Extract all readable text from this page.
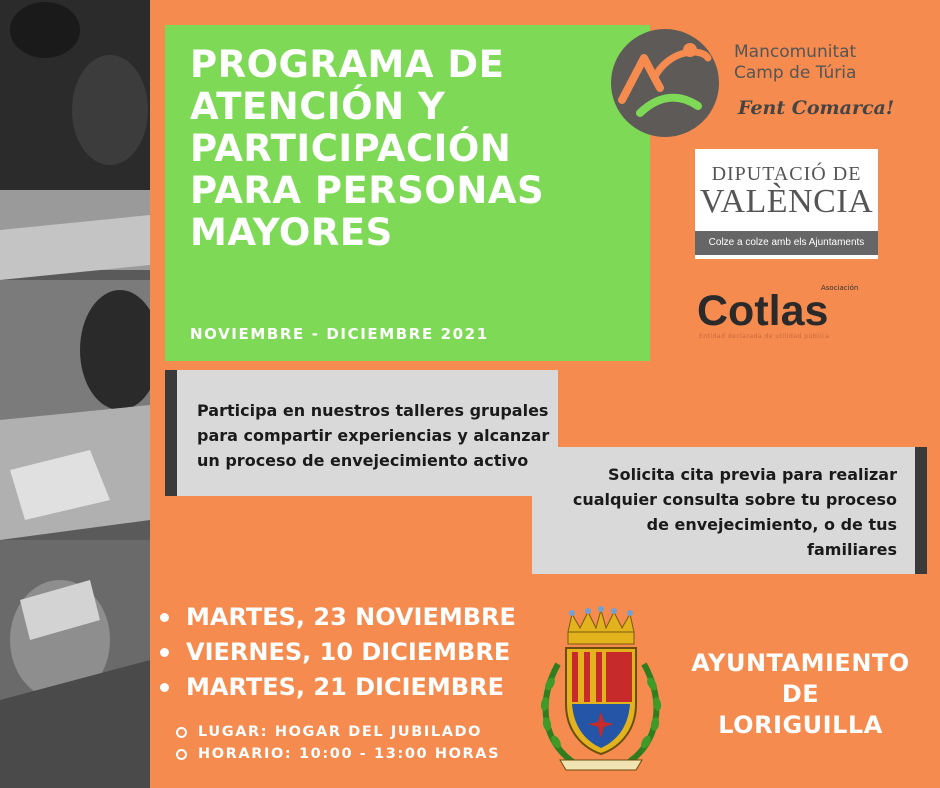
PROGRAMA DE
ATENCIÓN Y
PARTICIPACIÓN
PARA PERSONAS
MAYORES
NOVIEMBRE - DICIEMBRE 2021
Participa en nuestros talleres grupales
para compartir experiencias y alcanzar
un proceso de envejecimiento activo
Solicita cita previa para realizar
cualquier consulta sobre tu proceso
de envejecimiento, o de tus
familiares
MARTES, 23 NOVIEMBRE
VIERNES, 10 DICIEMBRE
MARTES, 21 DICIEMBRE
LUGAR: HOGAR DEL JUBILADO
HORARIO: 10:00 - 13:00 HORAS
AYUNTAMIENTO
DE
LORIGUILLA
Mancomunitat
Camp de Túria
Fent Comarca!
DIPUTACIÓ DE
VALÈNCIA
Colze a colze amb els Ajuntaments
Cotlas
Asociación
Entidad declarada de utilidad pública
